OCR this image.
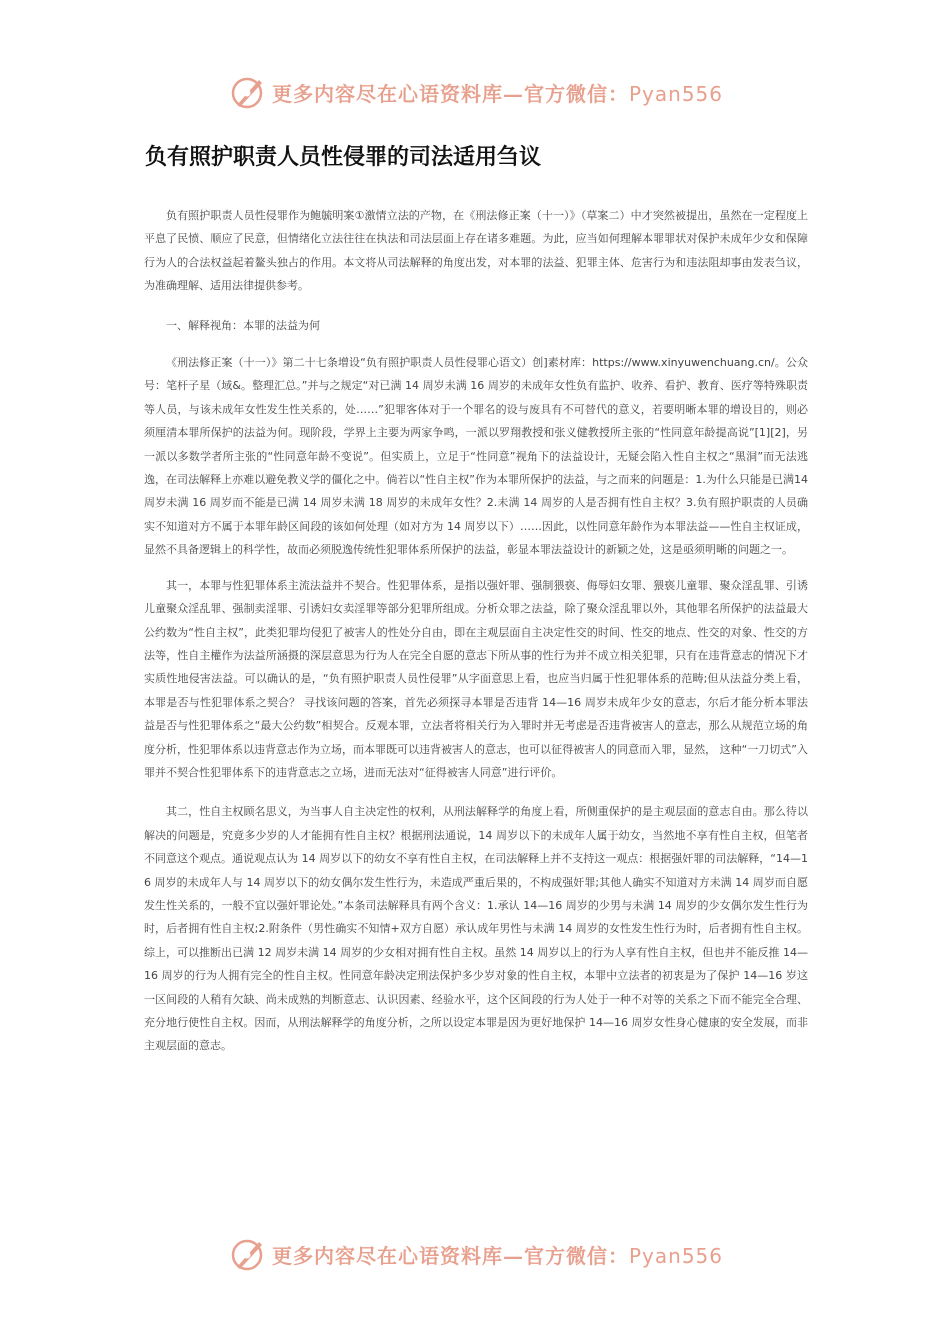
更多内容尽在心语资料库—官方微信：Pyan556
负有照护职责人员性侵罪的司法适用刍议

负有照护职责人员性侵罪作为鲍毓明案①激情立法的产物，在《刑法修正案（十一）》（草案二）中才突然被提出，虽然在一定程度上平息了民愤、顺应了民意，但情绪化立法往往在执法和司法层面上存在诸多难题。为此，应当如何理解本罪罪状对保护未成年少女和保障行为人的合法权益起着鳌头独占的作用。本文将从司法解释的角度出发，对本罪的法益、犯罪主体、危害行为和违法阻却事由发表刍议，为准确理解、适用法律提供参考。

一、解释视角：本罪的法益为何

《刑法修正案（十一）》第二十七条增设“负有照护职责人员性侵罪心语文）创]素材库：https://www.xinyuwenchuang.cn/。公众号：笔杆子星（域&。整理汇总。”并与之规定“对已满 14 周岁未满 16 周岁的未成年女性负有监护、收养、看护、教育、医疗等特殊职责等人员，与该未成年女性发生性关系的，处……”犯罪客体对于一个罪名的设与废具有不可替代的意义，若要明晰本罪的增设目的，则必须厘清本罪所保护的法益为何。现阶段，学界上主要为两家争鸣，一派以罗翔教授和张义健教授所主张的“性同意年龄提高说”[1][2]，另一派以多数学者所主张的“性同意年龄不变说”。但实质上，立足于“性同意”视角下的法益设计，无疑会陷入性自主权之“黑洞”而无法逃逸，在司法解释上亦难以避免教义学的僵化之中。倘若以“性自主权”作为本罪所保护的法益，与之而来的问题是：1.为什么只能是已满14 周岁未满 16 周岁而不能是已满 14 周岁未满 18 周岁的未成年女性？2.未满 14 周岁的人是否拥有性自主权？3.负有照护职责的人员确实不知道对方不属于本罪年龄区间段的该如何处理（如对方为 14 周岁以下）……因此，以性同意年龄作为本罪法益——性自主权证成，显然不具备逻辑上的科学性，故而必须脱逸传统性犯罪体系所保护的法益，彰显本罪法益设计的新颖之处，这是亟须明晰的问题之一。

其一，本罪与性犯罪体系主流法益并不契合。性犯罪体系，是指以强奸罪、强制猥亵、侮辱妇女罪、猥亵儿童罪、聚众淫乱罪、引诱儿童聚众淫乱罪、强制卖淫罪、引诱妇女卖淫罪等部分犯罪所组成。分析众罪之法益，除了聚众淫乱罪以外，其他罪名所保护的法益最大公约数为“性自主权”，此类犯罪均侵犯了被害人的性处分自由，即在主观层面自主决定性交的时间、性交的地点、性交的对象、性交的方法等，性自主權作为法益所涵摄的深层意思为行为人在完全自愿的意志下所从事的性行为并不成立相关犯罪，只有在违背意志的情况下才实质性地侵害法益。可以确认的是，“负有照护职责人员性侵罪”从字面意思上看，也应当归属于性犯罪体系的范畴;但从法益分类上看，本罪是否与性犯罪体系之契合？ 寻找该问题的答案，首先必须探寻本罪是否违背 14—16 周岁未成年少女的意志，尔后才能分析本罪法益是否与性犯罪体系之“最大公约数”相契合。反观本罪，立法者将相关行为入罪时并无考虑是否违背被害人的意志，那么从规范立场的角度分析，性犯罪体系以违背意志作为立场，而本罪既可以违背被害人的意志，也可以征得被害人的同意而入罪，显然， 这种“一刀切式”入罪并不契合性犯罪体系下的违背意志之立场，进而无法对“征得被害人同意”进行评价。

其二，性自主权顾名思义，为当事人自主决定性的权利，从刑法解释学的角度上看，所侧重保护的是主观层面的意志自由。那么待以解决的问题是，究竟多少岁的人才能拥有性自主权？根据刑法通说，14 周岁以下的未成年人属于幼女，当然地不享有性自主权，但笔者不同意这个观点。通说观点认为 14 周岁以下的幼女不享有性自主权，在司法解释上并不支持这一观点：根据强奸罪的司法解释，“14—16 周岁的未成年人与 14 周岁以下的幼女偶尔发生性行为，未造成严重后果的，不构成强奸罪;其他人确实不知道对方未满 14 周岁而自愿发生性关系的，一般不宜以强奸罪论处。”本条司法解释具有两个含义：1.承认 14—16 周岁的少男与未满 14 周岁的少女偶尔发生性行为时，后者拥有性自主权;2.附条件（男性确实不知情+双方自愿）承认成年男性与未满 14 周岁的女性发生性行为时，后者拥有性自主权。综上，可以推断出已满 12 周岁未满 14 周岁的少女相对拥有性自主权。虽然 14 周岁以上的行为人享有性自主权，但也并不能反推 14—16 周岁的行为人拥有完全的性自主权。性同意年龄决定刑法保护多少岁对象的性自主权，本罪中立法者的初衷是为了保护 14—16 岁这一区间段的人稍有欠缺、尚未成熟的判断意志、认识因素、经验水平，这个区间段的行为人处于一种不对等的关系之下而不能完全合理、充分地行使性自主权。因而，从刑法解释学的角度分析，之所以设定本罪是因为更好地保护 14—16 周岁女性身心健康的安全发展，而非主观层面的意志。

更多内容尽在心语资料库—官方微信：Pyan556
